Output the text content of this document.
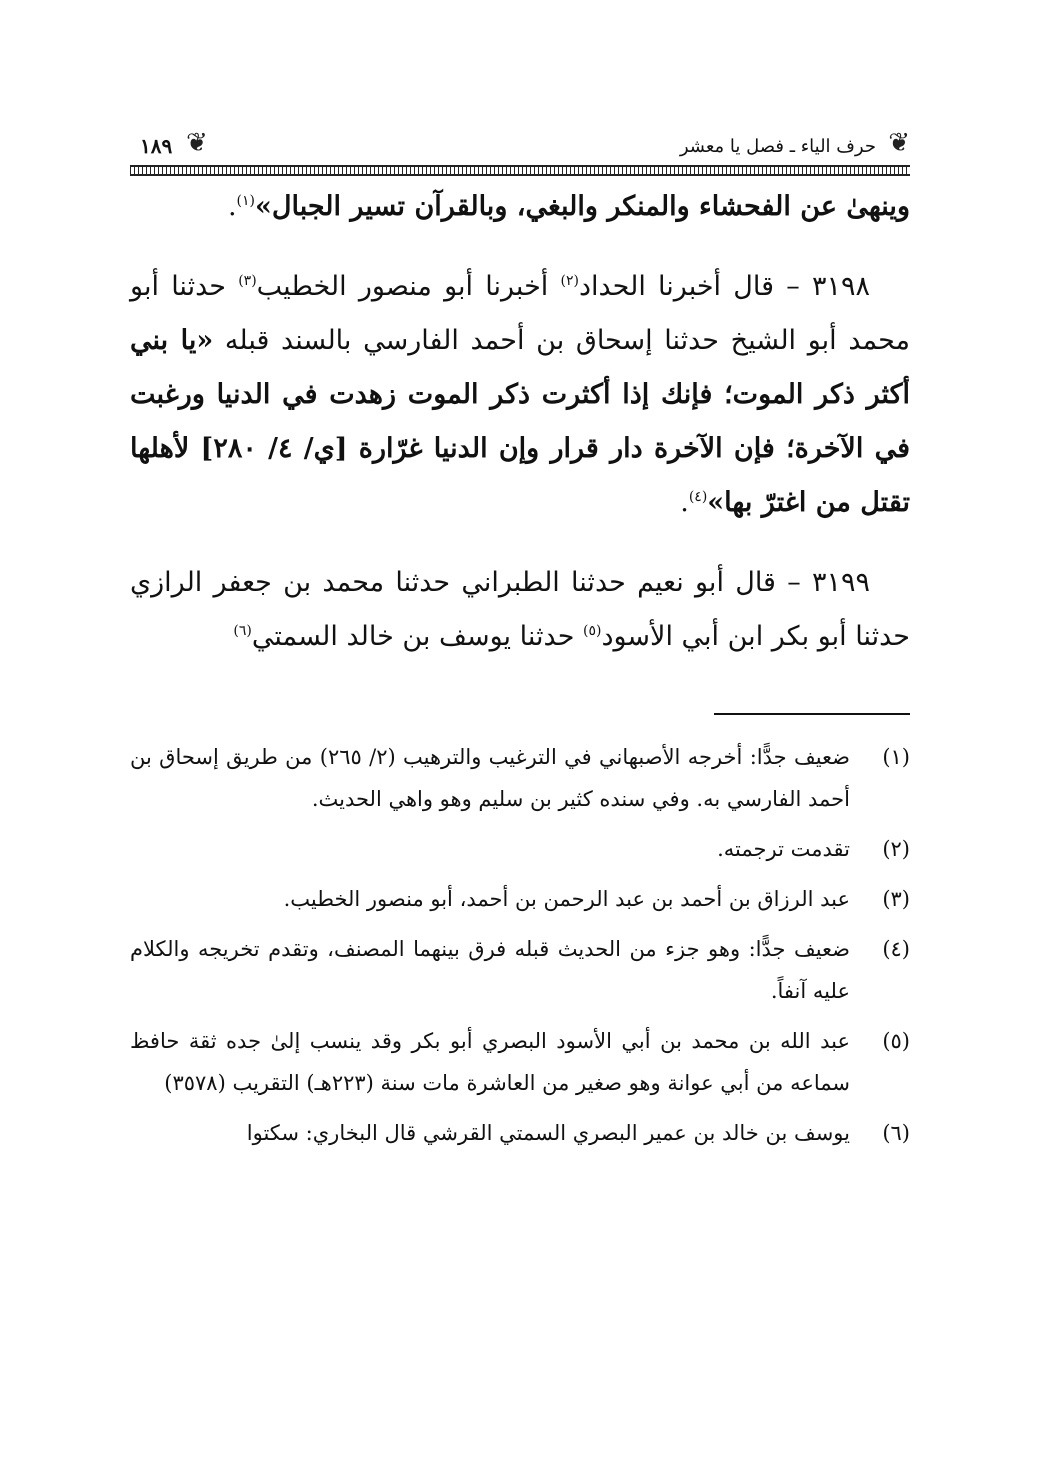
❦
حرف الياء ـ فصل يا معشر
❦
١٨٩

وينهىٰ عن الفحشاء والمنكر والبغي، وبالقرآن تسير الجبال»$^{(١)}$.

٣١٩٨ – قال أخبرنا الحداد$^{(٢)}$ أخبرنا أبو منصور الخطيب$^{(٣)}$ حدثنا أبو محمد أبو الشيخ حدثنا إسحاق بن أحمد الفارسي بالسند قبله «يا بني أكثر ذكر الموت؛ فإنك إذا أكثرت ذكر الموت زهدت في الدنيا ورغبت في الآخرة؛ فإن الآخرة دار قرار وإن الدنيا غرّارة [ي/ ٤/ ٢٨٠] لأهلها تقتل من اغترّ بها»$^{(٤)}$.

٣١٩٩ – قال أبو نعيم حدثنا الطبراني حدثنا محمد بن جعفر الرازي حدثنا أبو بكر ابن أبي الأسود$^{(٥)}$ حدثنا يوسف بن خالد السمتي$^{(٦)}$

(١)
ضعيف جدًّا: أخرجه الأصبهاني في الترغيب والترهيب (٢/ ٢٦٥) من طريق إسحاق بن أحمد الفارسي به. وفي سنده كثير بن سليم وهو واهي الحديث.
(٢)
تقدمت ترجمته.
(٣)
عبد الرزاق بن أحمد بن عبد الرحمن بن أحمد، أبو منصور الخطيب.
(٤)
ضعيف جدًّا: وهو جزء من الحديث قبله فرق بينهما المصنف، وتقدم تخريجه والكلام عليه آنفاً.
(٥)
عبد الله بن محمد بن أبي الأسود البصري أبو بكر وقد ينسب إلىٰ جده ثقة حافظ سماعه من أبي عوانة وهو صغير من العاشرة مات سنة (٢٢٣هـ) التقريب (٣٥٧٨)
(٦)
يوسف بن خالد بن عمير البصري السمتي القرشي قال البخاري: سكتوا
